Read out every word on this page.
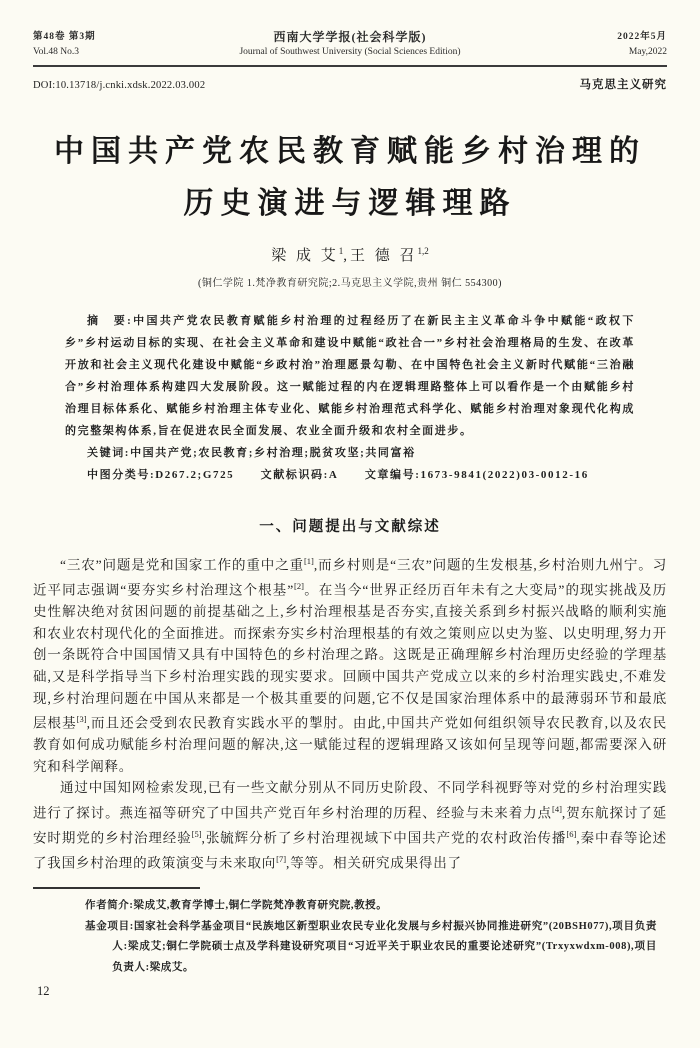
第48卷 第3期
Vol.48 No.3
西南大学学报(社会科学版)
Journal of Southwest University (Social Sciences Edition)
2022年5月
May,2022
DOI:10.13718/j.cnki.xdsk.2022.03.002	马克思主义研究
中国共产党农民教育赋能乡村治理的
历史演进与逻辑理路
梁 成 艾$^1$,王 德 召$^{1,2}$
(铜仁学院 1.梵净教育研究院;2.马克思主义学院,贵州 铜仁 554300)

摘　要:中国共产党农民教育赋能乡村治理的过程经历了在新民主主义革命斗争中赋能“政权下乡”乡村运动目标的实现、在社会主义革命和建设中赋能“政社合一”乡村社会治理格局的生发、在改革开放和社会主义现代化建设中赋能“乡政村治”治理愿景勾勒、在中国特色社会主义新时代赋能“三治融合”乡村治理体系构建四大发展阶段。这一赋能过程的内在逻辑理路整体上可以看作是一个由赋能乡村治理目标体系化、赋能乡村治理主体专业化、赋能乡村治理范式科学化、赋能乡村治理对象现代化构成的完整架构体系,旨在促进农民全面发展、农业全面升级和农村全面进步。

关键词:中国共产党;农民教育;乡村治理;脱贫攻坚;共同富裕

中图分类号:D267.2;G725 文献标识码:A 文章编号:1673-9841(2022)03-0012-16

一、问题提出与文献综述

“三农”问题是党和国家工作的重中之重[1],而乡村则是“三农”问题的生发根基,乡村治则九州宁。习近平同志强调“要夯实乡村治理这个根基”[2]。在当今“世界正经历百年未有之大变局”的现实挑战及历史性解决绝对贫困问题的前提基础之上,乡村治理根基是否夯实,直接关系到乡村振兴战略的顺利实施和农业农村现代化的全面推进。而探索夯实乡村治理根基的有效之策则应以史为鉴、以史明理,努力开创一条既符合中国国情又具有中国特色的乡村治理之路。这既是正确理解乡村治理历史经验的学理基础,又是科学指导当下乡村治理实践的现实要求。回顾中国共产党成立以来的乡村治理实践史,不难发现,乡村治理问题在中国从来都是一个极其重要的问题,它不仅是国家治理体系中的最薄弱环节和最底层根基[3],而且还会受到农民教育实践水平的掣肘。由此,中国共产党如何组织领导农民教育,以及农民教育如何成功赋能乡村治理问题的解决,这一赋能过程的逻辑理路又该如何呈现等问题,都需要深入研究和科学阐释。

通过中国知网检索发现,已有一些文献分别从不同历史阶段、不同学科视野等对党的乡村治理实践进行了探讨。燕连福等研究了中国共产党百年乡村治理的历程、经验与未来着力点[4],贺东航探讨了延安时期党的乡村治理经验[5],张毓辉分析了乡村治理视域下中国共产党的农村政治传播[6],秦中春等论述了我国乡村治理的政策演变与未来取向[7],等等。相关研究成果得出了

作者简介:梁成艾,教育学博士,铜仁学院梵净教育研究院,教授。

基金项目:国家社会科学基金项目“民族地区新型职业农民专业化发展与乡村振兴协同推进研究”(20BSH077),项目负责人:梁成艾;铜仁学院硕士点及学科建设研究项目“习近平关于职业农民的重要论述研究”(Trxyxwdxm-008),项目负责人:梁成艾。

12
